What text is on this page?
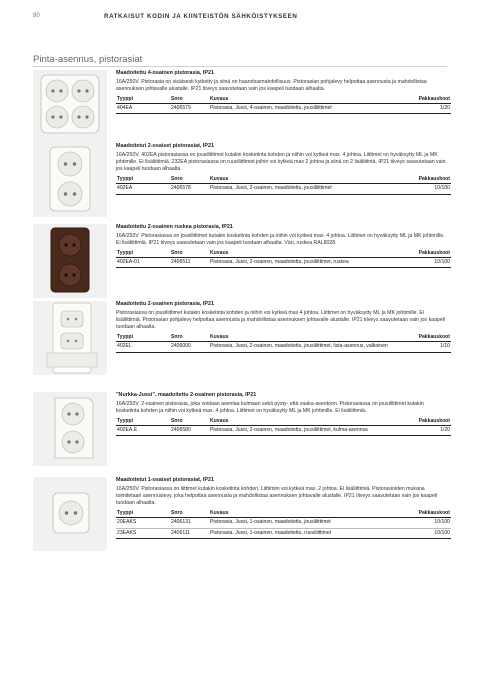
80	RATKAISUT KODIN JA KIINTEISTÖN SÄHKÖISTYKSEEN
Pinta-asennus, pistorasiat
Maadoitettu 4-osainen pistorasia, IP21
16A/250V. Pistorasia on sisäisesti kytketty ja siinä on haaroitusmahdollisuus. Pistorasian pohjalevy helpottaa asennusta ja mahdollistaa asennuksen johtavalle alustalle. IP21 tiiveys saavutetaan vain jos kaapeli tuodaan alhaalta.
Tyyppi	Snro	Kuvaus	Pakkauskoot
404EA	2406579	Pistorasia, Jussi, 4-osainen, maadoitettu, jousilliittimet	1/20
Maadoitetut 2-osaiset pistorasiat, IP21
16A/250V. 402EA pistorasiassa on jousiliittimet kutakin kosketinta kohden ja niihin voi kytkeä max. 4 johtoa. Liittimet on hyväksytty ML ja MK johtimille. Ei lisäliittimiä. 232EA pistorasiassa on ruuviliittimet joihin voi kytkeä max 2 johtoa ja siinä on 2 lisäliitintä. IP21 tiiveys saavutetaan vain jos kaapeli tuodaan alhaalta.
Tyyppi	Snro	Kuvaus	Pakkauskoot
402EA	2406578	Pistorasia, Jussi, 2-osainen, maadoitettu, jousilliittimet	10/100
Maadoitettu 2-osainen ruskea pistorasia, IP21
16A/250V. Pistorasiassa on jousiliittimet kutakin kosketinta kohden ja niihin voi kytkeä max. 4 johtoa. Liittimet on hyväksytty ML ja MK johtimille. Ei lisäliittimiä. IP21 tiiveys saavutetaan vain jos kaapeli tuodaan alhaalta. Väri, ruskea RAL8028.
Tyyppi	Snro	Kuvaus	Pakkauskoot
402EA-01	2406511	Pistorasia, Jussi, 2-osainen, maadoitettu, jousiliittimet, ruskea	10/100
Maadoitettu 2-osainen pistorasia, IP21
Pistorasiassa on jousiliittimet kutakin kosketinta kohden ja niihin voi kytkeä max 4 johtoa. Liittimet on hyväksytty ML ja MK johtimille. Ei lisäliittimiä. Pistorasian pohjalevy helpottaa asennusta ja mahdollistaa asennuksen johtavalle alustalle. IP21 tiiveys saavutetaan vain jos kaapeli tuodaan alhaalta.
Tyyppi	Snro	Kuvaus	Pakkauskoot
402EL	2406000	Pistorasia, Jussi, 2-osainen, maadoitettu, jousiliittimet, lista-asennus, valkoinen	1/10
"Nurkka-Jussi", maadoitettu 2-osainen pistorasia, IP21
16A/250V. 2-osainen pistorasia, joka voidaan asentaa kulmaan sekä pysty- että vaaka-asentoon. Pistorasiassa on jousiliittimet kutakin kosketinta kohden ja niihin voi kytkeä max. 4 johtoa. Liittimet on hyväksytty ML ja MK johtimille. Ei lisäliittimiä.
Tyyppi	Snro	Kuvaus	Pakkauskoot
402EA.E	2406580	Pistorasia, Jussi, 2-osainen, maadoitettu, jousiliittimet, kulma-asennus	1/20
Maadoitetut 1-osaiset pistorasiat, IP21
16A/250V. Pistorasiassa on liittimet kutakin kosketinta kohden. Liittimiin voi kytkeä max. 2 johtoa. Ei lisäliittimiä. Pistorasioiden mukana toimitetaan asennuslevy, joka helpottaa asennusta ja mahdollistaa asennuksen johtavalle alustalle. IP21 tiiveys saavutetaan vain jos kaapeli tuodaan alhaalta.
Tyyppi	Snro	Kuvaus	Pakkauskoot
20EAKS	2406131	Pistorasia, Jussi, 1-osainen, maadoitettu, jousiliittimet	10/100
23EAKS	2406111	Pistorasia, Jussi, 1-osainen, maadoitettu, ruuviliittimet	10/100
